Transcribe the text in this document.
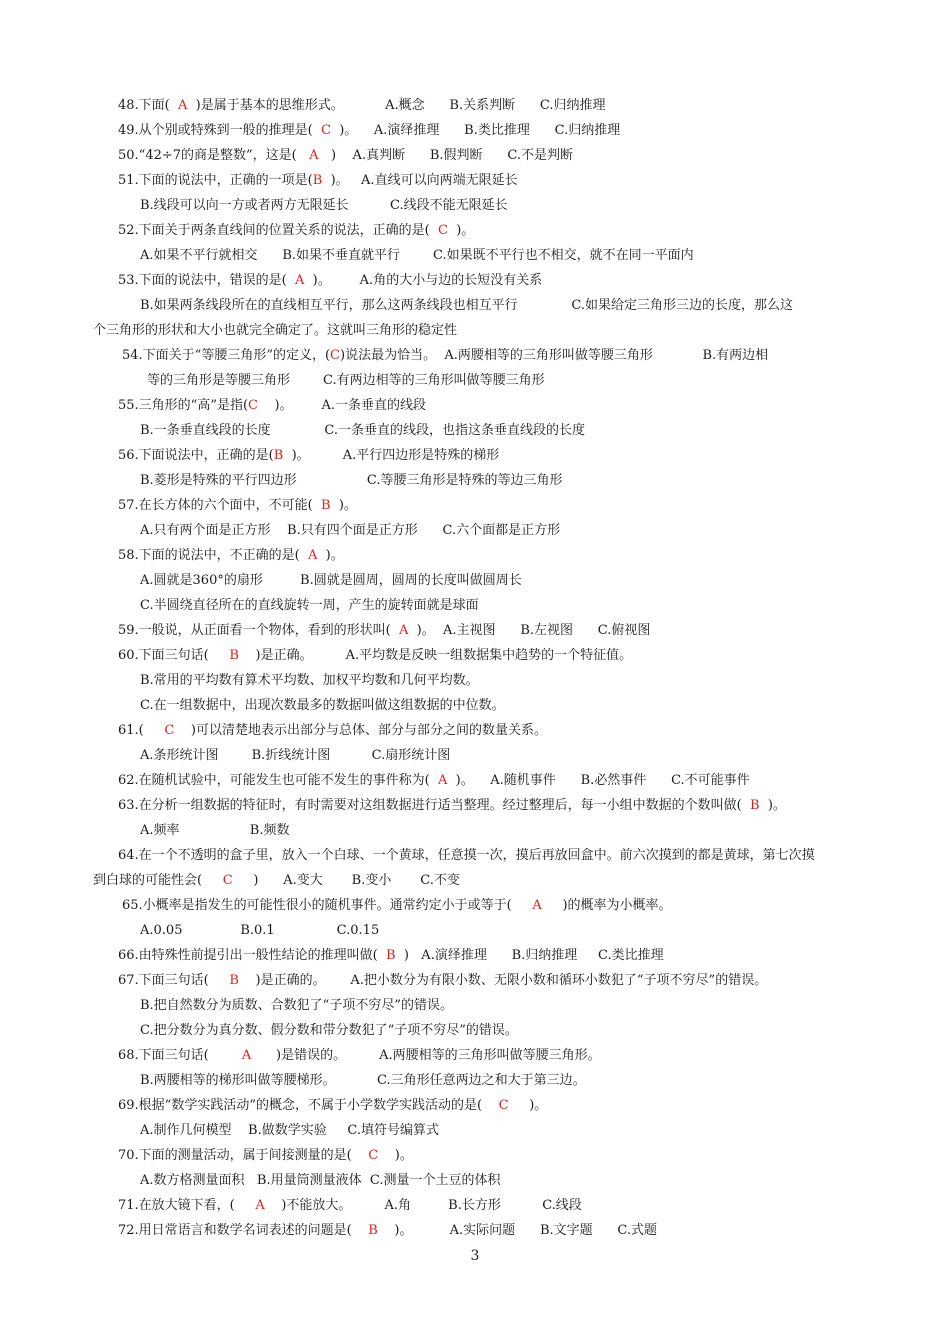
48.下面(  A  )是属于基本的思维形式。          A.概念      B.关系判断      C.归纳推理
49.从个别或特殊到一般的推理是(  C  )。    A.演绎推理      B.类比推理      C.归纳推理
50.“42÷7的商是整数”，这是(   A   )    A.真判断      B.假判断      C.不是判断
51.下面的说法中，正确的一项是(B  )。   A.直线可以向两端无限延长
B.线段可以向一方或者两方无限延长          C.线段不能无限延长
52.下面关于两条直线间的位置关系的说法，正确的是(  C  )。
A.如果不平行就相交      B.如果不垂直就平行        C.如果既不平行也不相交，就不在同一平面内
53.下面的说法中，错误的是(  A  )。       A.角的大小与边的长短没有关系
B.如果两条线段所在的直线相互平行，那么这两条线段也相互平行             C.如果给定三角形三边的长度，那么这
个三角形的形状和大小也就完全确定了。这就叫三角形的稳定性
54.下面关于“等腰三角形”的定义，(C)说法最为恰当。  A.两腰相等的三角形叫做等腰三角形            B.有两边相
等的三角形是等腰三角形        C.有两边相等的三角形叫做等腰三角形
55.三角形的“高”是指(C    )。       A.一条垂直的线段
B.一条垂直线段的长度             C.一条垂直的线段，也指这条垂直线段的长度
56.下面说法中，正确的是(B  )。        A.平行四边形是特殊的梯形
B.菱形是特殊的平行四边形                 C.等腰三角形是特殊的等边三角形
57.在长方体的六个面中，不可能(  B  )。
A.只有两个面是正方形    B.只有四个面是正方形      C.六个面都是正方形
58.下面的说法中，不正确的是(  A  )。
A.圆就是360°的扇形         B.圆就是圆周，圆周的长度叫做圆周长
C.半圆绕直径所在的直线旋转一周，产生的旋转面就是球面
59.一般说，从正面看一个物体，看到的形状叫(  A  )。  A.主视图      B.左视图      C.俯视图
60.下面三句话(     B    )是正确。        A.平均数是反映一组数据集中趋势的一个特征值。
B.常用的平均数有算术平均数、加权平均数和几何平均数。
C.在一组数据中，出现次数最多的数据叫做这组数据的中位数。
61.(     C    )可以清楚地表示出部分与总体、部分与部分之间的数量关系。
A.条形统计图        B.折线统计图          C.扇形统计图
62.在随机试验中，可能发生也可能不发生的事件称为(  A  )。    A.随机事件      B.必然事件      C.不可能事件
63.在分析一组数据的特征时，有时需要对这组数据进行适当整理。经过整理后，每一小组中数据的个数叫做(  B  )。
A.频率                 B.频数
64.在一个不透明的盒子里，放入一个白球、一个黄球，任意摸一次，摸后再放回盒中。前六次摸到的都是黄球，第七次摸
到白球的可能性会(     C     )      A.变大       B.变小       C.不变
65.小概率是指发生的可能性很小的随机事件。通常约定小于或等于(     A     )的概率为小概率。
A.0.05              B.0.1               C.0.15
66.由特殊性前提引出一般性结论的推理叫做(  B  )   A.演绎推理      B.归纳推理     C.类比推理
67.下面三句话(     B    )是正确的。      A.把小数分为有限小数、无限小数和循环小数犯了“子项不穷尽”的错误。
B.把自然数分为质数、合数犯了“子项不穷尽”的错误。
C.把分数分为真分数、假分数和带分数犯了“子项不穷尽”的错误。
68.下面三句话(        A      )是错误的。        A.两腰相等的三角形叫做等腰三角形。
B.两腰相等的梯形叫做等腰梯形。          C.三角形任意两边之和大于第三边。
69.根据“数学实践活动”的概念，不属于小学数学实践活动的是(    C     )。
A.制作几何模型    B.做数学实验     C.填符号编算式
70.下面的测量活动，属于间接测量的是(    C    )。
A.数方格测量面积   B.用量筒测量液体  C.测量一个土豆的体积
71.在放大镜下看，(     A    )不能放大。        A.角         B.长方形          C.线段
72.用日常语言和数学名词表述的问题是(    B    )。         A.实际问题      B.文字题      C.式题
3
